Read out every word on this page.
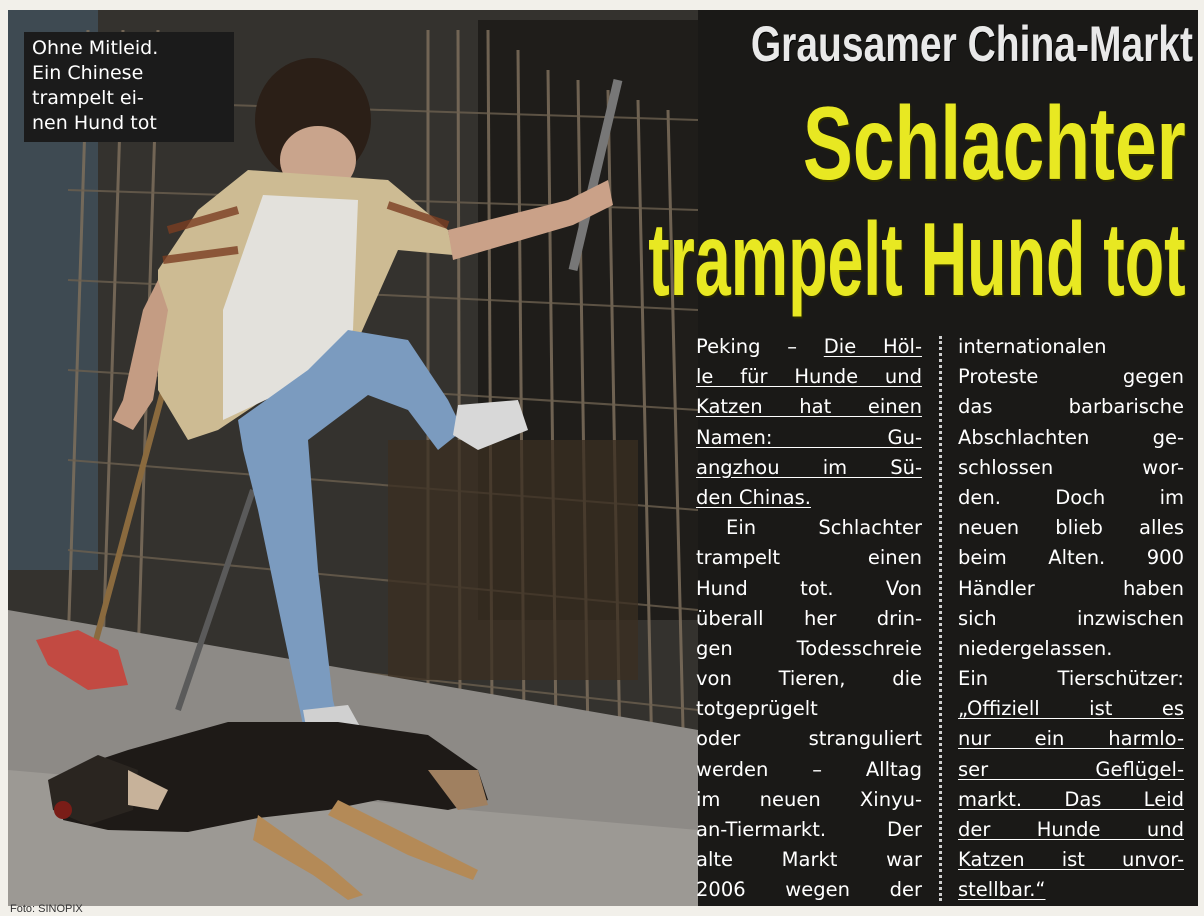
Ohne Mitleid.
Ein Chinese
trampelt ei-
nen Hund tot
Grausamer China-Markt
Schlachter
trampelt Hund tot
Peking – Die Höl-
le für Hunde und
Katzen hat einen
Namen: Gu-
angzhou im Sü-
den Chinas.
Ein Schlachter
trampelt einen
Hund tot. Von
überall her drin-
gen Todesschreie
von Tieren, die
totgeprügelt
oder stranguliert
werden – Alltag
im neuen Xinyu-
an-Tiermarkt. Der
alte Markt war
2006 wegen der
internationalen
Proteste gegen
das barbarische
Abschlachten ge-
schlossen wor-
den. Doch im
neuen blieb alles
beim Alten. 900
Händler haben
sich inzwischen
niedergelassen.
Ein Tierschützer:
„Offiziell ist es
nur ein harmlo-
ser Geflügel-
markt. Das Leid
der Hunde und
Katzen ist unvor-
stellbar.“
Foto: SINOPIX
